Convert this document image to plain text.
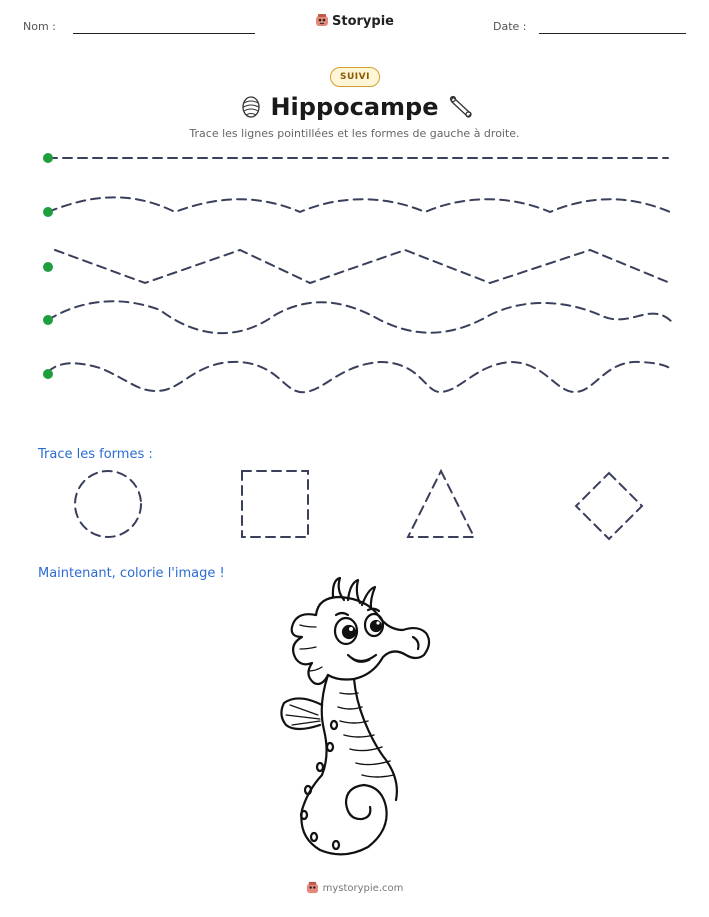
Nom :	Storypie	Date :
SUIVI
Hippocampe
Trace les lignes pointillées et les formes de gauche à droite.
Trace les formes :
Maintenant, colorie l'image !
mystorypie.com
